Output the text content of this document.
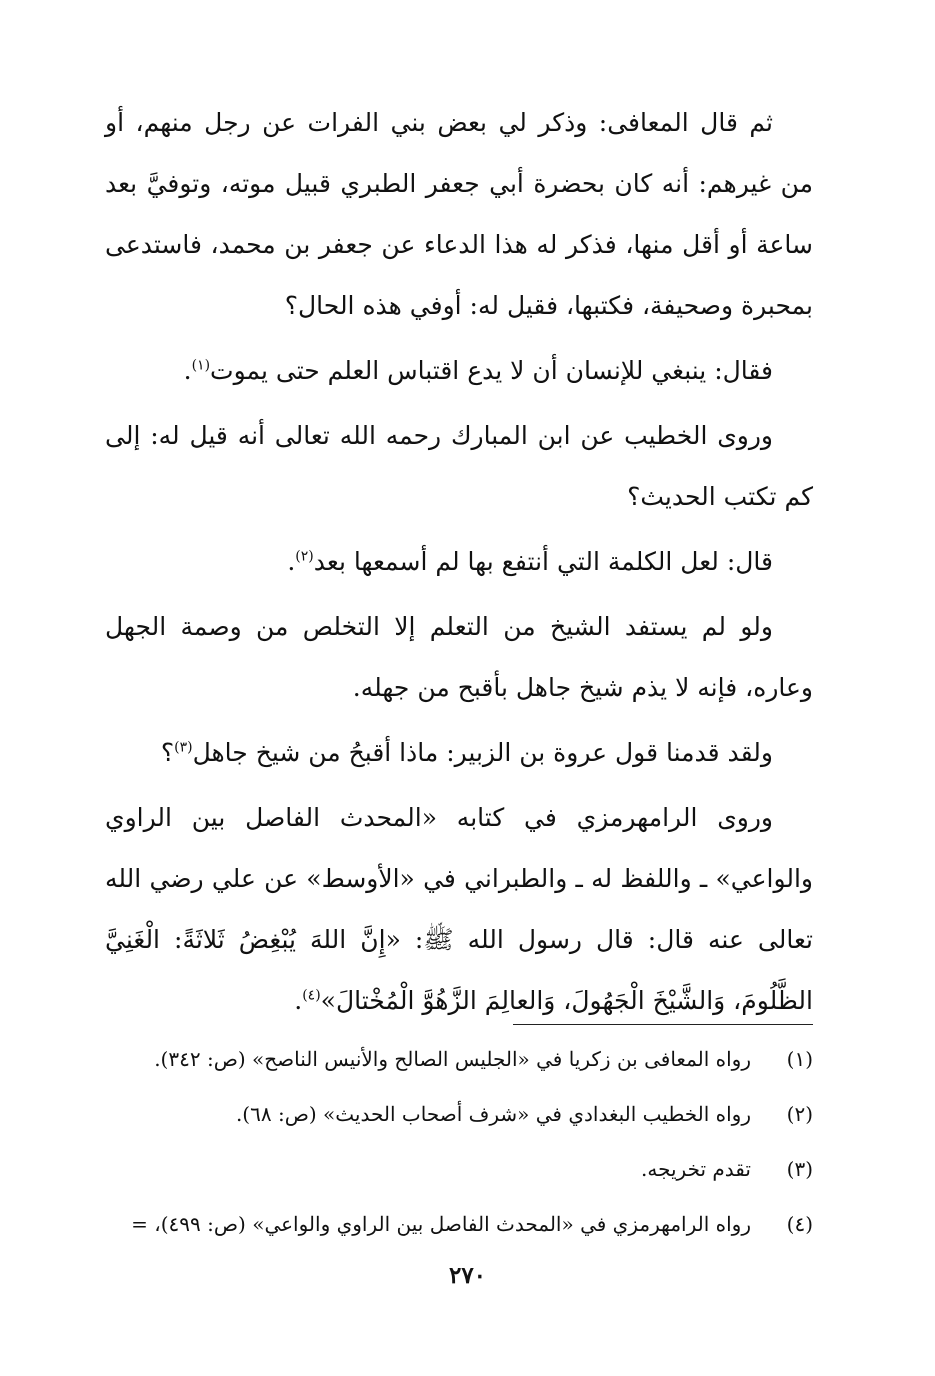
ثم قال المعافى: وذكر لي بعض بني الفرات عن رجل منهم، أو من غيرهم: أنه كان بحضرة أبي جعفر الطبري قبيل موته، وتوفيَّ بعد ساعة أو أقل منها، فذكر له هذا الدعاء عن جعفر بن محمد، فاستدعى بمحبرة وصحيفة، فكتبها، فقيل له: أوفي هذه الحال؟

فقال: ينبغي للإنسان أن لا يدع اقتباس العلم حتى يموت$^{(١)}$.

وروى الخطيب عن ابن المبارك رحمه الله تعالى أنه قيل له: إلى كم تكتب الحديث؟

قال: لعل الكلمة التي أنتفع بها لم أسمعها بعد$^{(٢)}$.

ولو لم يستفد الشيخ من التعلم إلا التخلص من وصمة الجهل وعاره، فإنه لا يذم شيخ جاهل بأقبح من جهله.

ولقد قدمنا قول عروة بن الزبير: ماذا أقبحُ من شيخ جاهل$^{(٣)}$؟

وروى الرامهرمزي في كتابه «المحدث الفاصل بين الراوي والواعي» ـ واللفظ له ـ والطبراني في «الأوسط» عن علي رضي الله تعالى عنه قال: قال رسول الله ﷺ: «إِنَّ اللهَ يُبْغِضُ ثَلاثَةً: الْغَنِيَّ الظَّلُومَ، وَالشَّيْخَ الْجَهُولَ، وَالعالِمَ الزَّهُوَّ الْمُخْتالَ»$^{(٤)}$.

(١)
رواه المعافى بن زكريا في «الجليس الصالح والأنيس الناصح» (ص: ٣٤٢).
(٢)
رواه الخطيب البغدادي في «شرف أصحاب الحديث» (ص: ٦٨).
(٣)
تقدم تخريجه.
(٤)
رواه الرامهرمزي في «المحدث الفاصل بين الراوي والواعي» (ص: ٤٩٩)، =
٢٧٠
